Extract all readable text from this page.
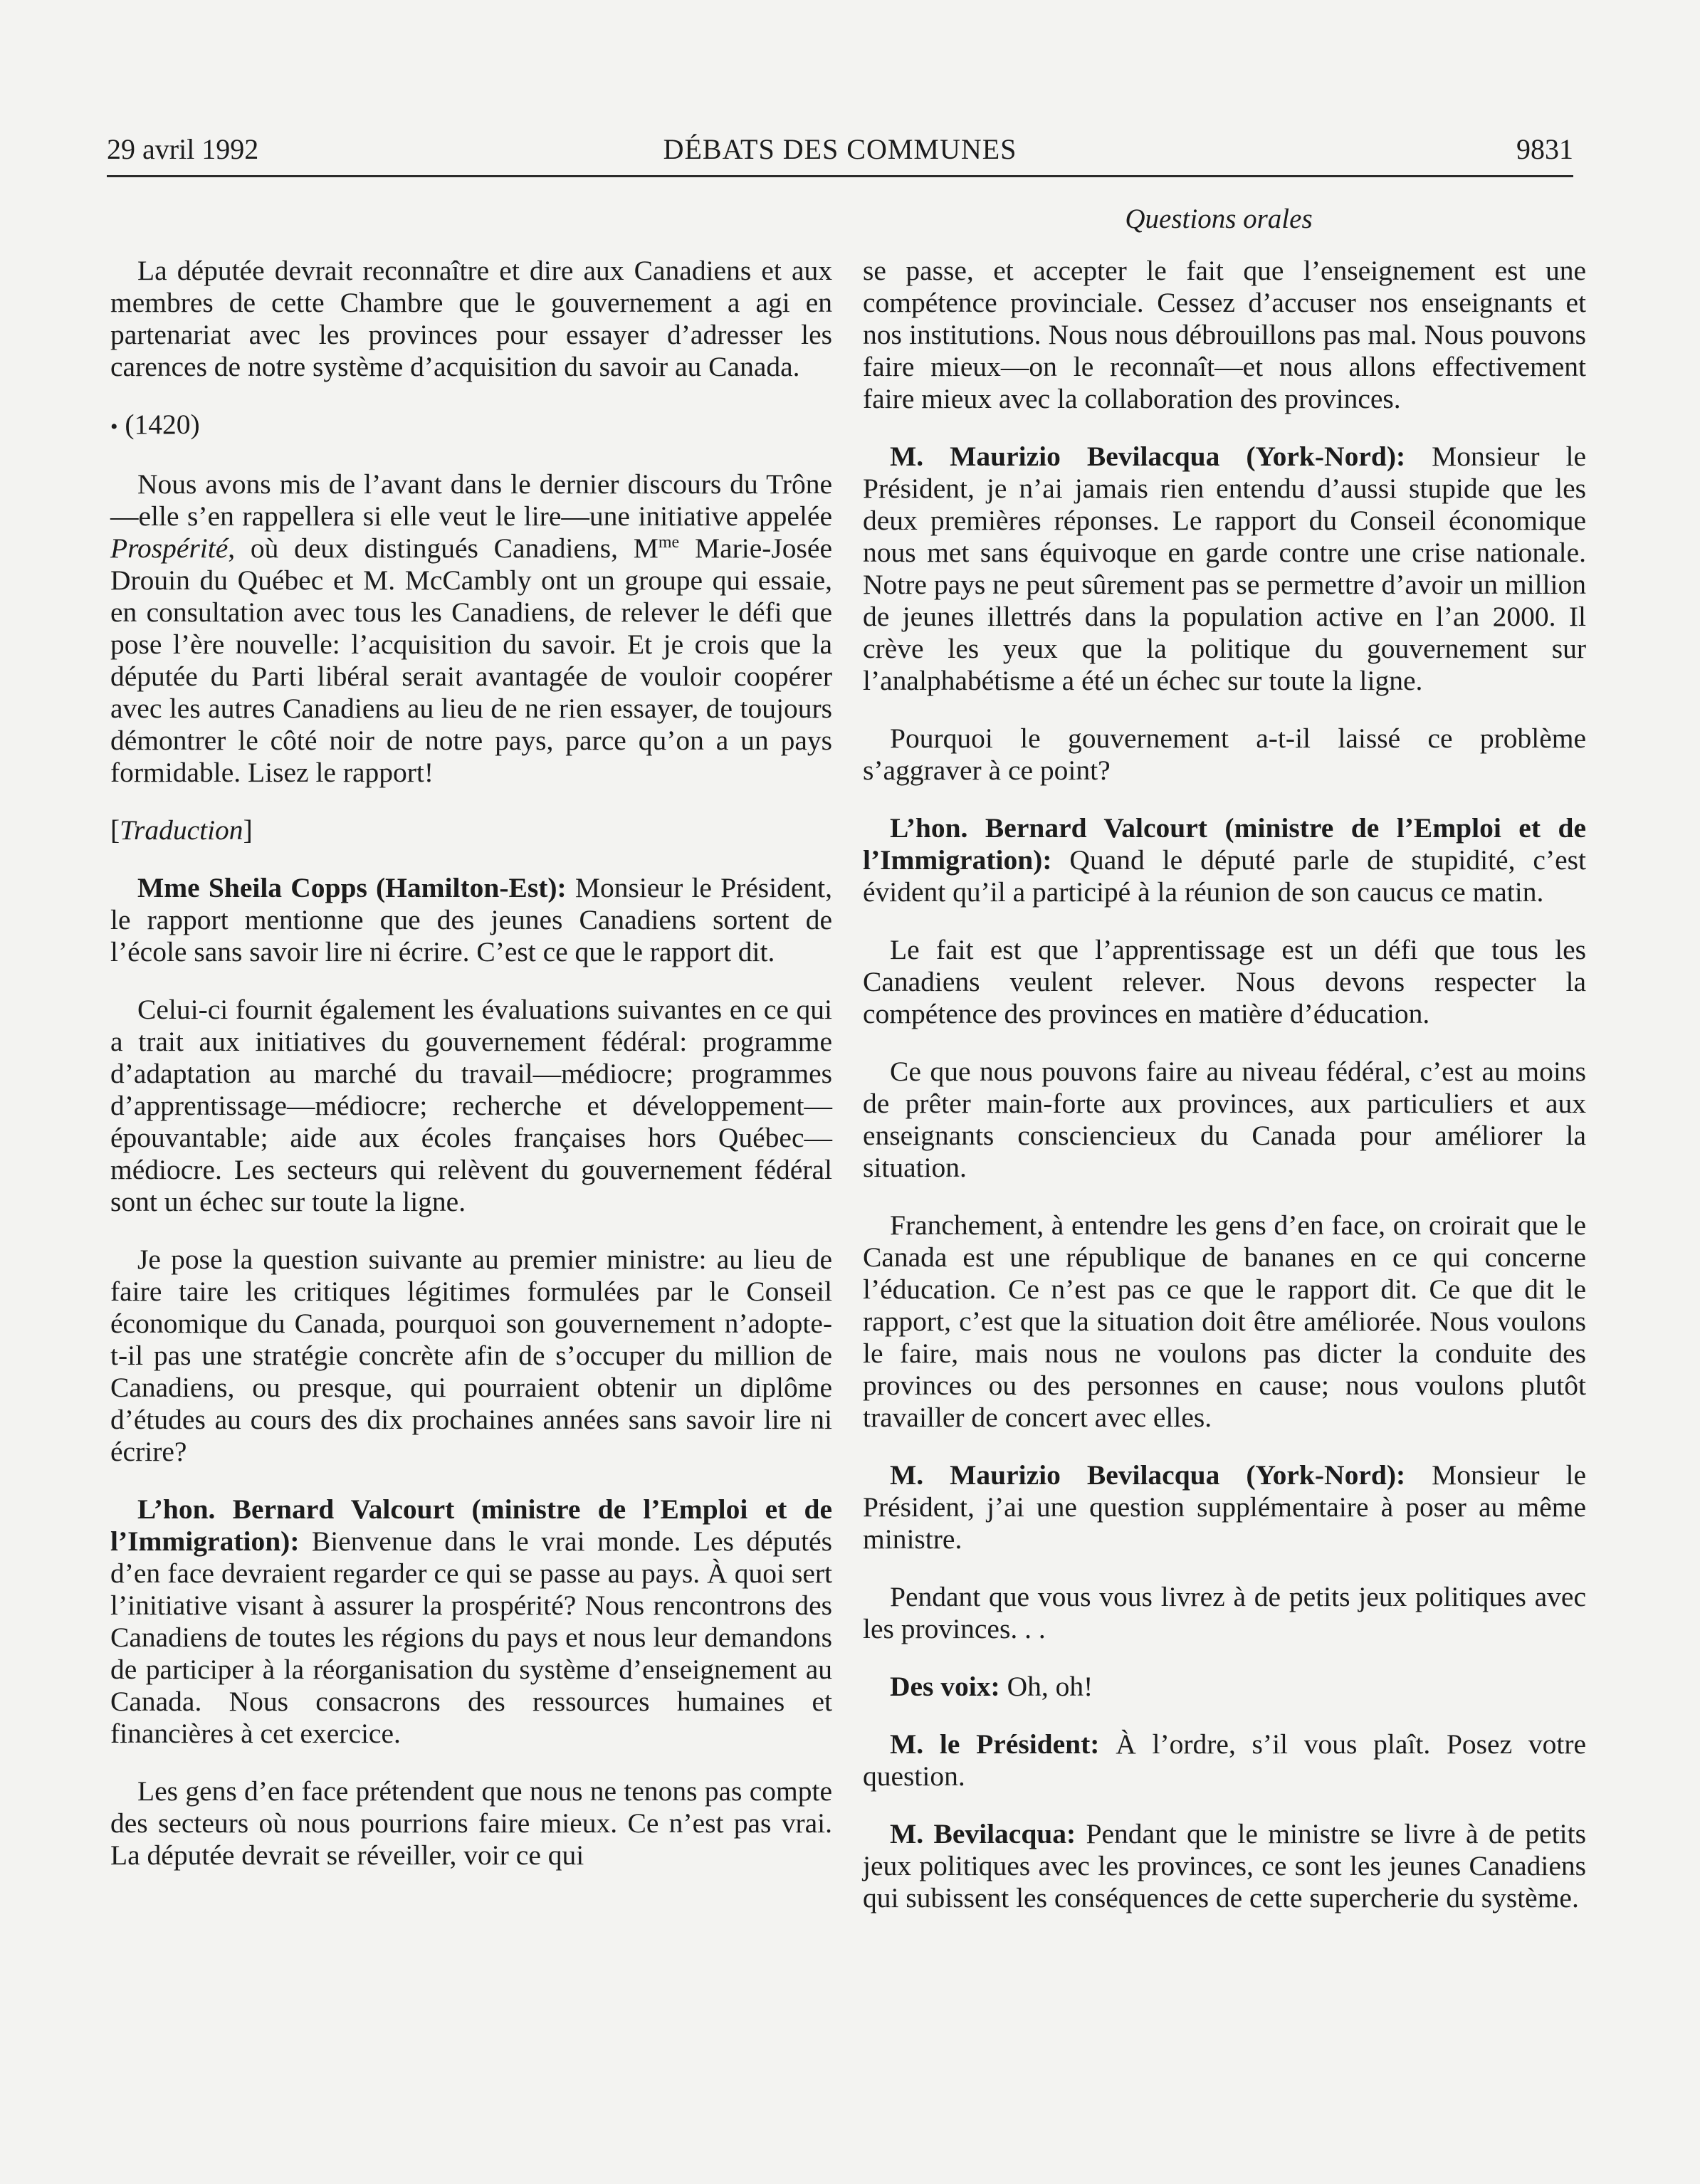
29 avril 1992	DÉBATS DES COMMUNES	9831
Questions orales

La députée devrait reconnaître et dire aux Canadiens et aux membres de cette Chambre que le gouvernement a agi en partenariat avec les provinces pour essayer d’adresser les carences de notre système d’acquisition du savoir au Canada.

• (1420)

Nous avons mis de l’avant dans le dernier discours du Trône—elle s’en rappellera si elle veut le lire—une initiative appelée Prospérité, où deux distingués Canadiens, $M^{me}$ Marie-Josée Drouin du Québec et M. McCambly ont un groupe qui essaie, en consultation avec tous les Canadiens, de relever le défi que pose l’ère nouvelle: l’acquisition du savoir. Et je crois que la députée du Parti libéral serait avantagée de vouloir coopérer avec les autres Canadiens au lieu de ne rien essayer, de toujours démontrer le côté noir de notre pays, parce qu’on a un pays formidable. Lisez le rapport!

[Traduction]

Mme Sheila Copps (Hamilton-Est): Monsieur le Président, le rapport mentionne que des jeunes Canadiens sortent de l’école sans savoir lire ni écrire. C’est ce que le rapport dit.

Celui-ci fournit également les évaluations suivantes en ce qui a trait aux initiatives du gouvernement fédéral: programme d’adaptation au marché du travail—médiocre; programmes d’apprentissage—médiocre; recherche et développement—épouvantable; aide aux écoles françaises hors Québec—médiocre. Les secteurs qui relèvent du gouvernement fédéral sont un échec sur toute la ligne.

Je pose la question suivante au premier ministre: au lieu de faire taire les critiques légitimes formulées par le Conseil économique du Canada, pourquoi son gouvernement n’adopte-t-il pas une stratégie concrète afin de s’occuper du million de Canadiens, ou presque, qui pourraient obtenir un diplôme d’études au cours des dix prochaines années sans savoir lire ni écrire?

L’hon. Bernard Valcourt (ministre de l’Emploi et de l’Immigration): Bienvenue dans le vrai monde. Les députés d’en face devraient regarder ce qui se passe au pays. À quoi sert l’initiative visant à assurer la prospérité? Nous rencontrons des Canadiens de toutes les régions du pays et nous leur demandons de participer à la réorganisation du système d’enseignement au Canada. Nous consacrons des ressources humaines et financières à cet exercice.

Les gens d’en face prétendent que nous ne tenons pas compte des secteurs où nous pourrions faire mieux. Ce n’est pas vrai. La députée devrait se réveiller, voir ce qui

se passe, et accepter le fait que l’enseignement est une compétence provinciale. Cessez d’accuser nos enseignants et nos institutions. Nous nous débrouillons pas mal. Nous pouvons faire mieux—on le reconnaît—et nous allons effectivement faire mieux avec la collaboration des provinces.

M. Maurizio Bevilacqua (York-Nord): Monsieur le Président, je n’ai jamais rien entendu d’aussi stupide que les deux premières réponses. Le rapport du Conseil économique nous met sans équivoque en garde contre une crise nationale. Notre pays ne peut sûrement pas se permettre d’avoir un million de jeunes illettrés dans la population active en l’an 2000. Il crève les yeux que la politique du gouvernement sur l’analphabétisme a été un échec sur toute la ligne.

Pourquoi le gouvernement a-t-il laissé ce problème s’aggraver à ce point?

L’hon. Bernard Valcourt (ministre de l’Emploi et de l’Immigration): Quand le député parle de stupidité, c’est évident qu’il a participé à la réunion de son caucus ce matin.

Le fait est que l’apprentissage est un défi que tous les Canadiens veulent relever. Nous devons respecter la compétence des provinces en matière d’éducation.

Ce que nous pouvons faire au niveau fédéral, c’est au moins de prêter main-forte aux provinces, aux particuliers et aux enseignants consciencieux du Canada pour améliorer la situation.

Franchement, à entendre les gens d’en face, on croirait que le Canada est une république de bananes en ce qui concerne l’éducation. Ce n’est pas ce que le rapport dit. Ce que dit le rapport, c’est que la situation doit être améliorée. Nous voulons le faire, mais nous ne voulons pas dicter la conduite des provinces ou des personnes en cause; nous voulons plutôt travailler de concert avec elles.

M. Maurizio Bevilacqua (York-Nord): Monsieur le Président, j’ai une question supplémentaire à poser au même ministre.

Pendant que vous vous livrez à de petits jeux politiques avec les provinces. . .

Des voix: Oh, oh!

M. le Président: À l’ordre, s’il vous plaît. Posez votre question.

M. Bevilacqua: Pendant que le ministre se livre à de petits jeux politiques avec les provinces, ce sont les jeunes Canadiens qui subissent les conséquences de cette supercherie du système.
